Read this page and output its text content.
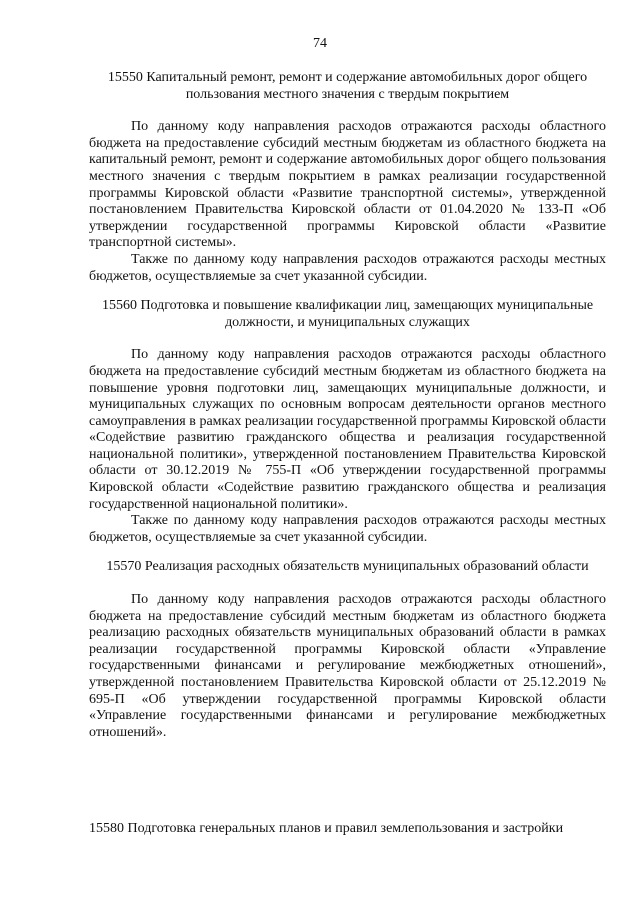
74
15550 Капитальный ремонт, ремонт и содержание автомобильных дорог общего пользования местного значения с твердым покрытием

По данному коду направления расходов отражаются расходы областного бюджета на предоставление субсидий местным бюджетам из областного бюджета на капитальный ремонт, ремонт и содержание автомобильных дорог общего пользования местного значения с твердым покрытием в рамках реализации государственной программы Кировской области «Развитие транспортной системы», утвержденной постановлением Правительства Кировской области от 01.04.2020 № 133-П «Об утверждении государственной программы Кировской области «Развитие транспортной системы».

Также по данному коду направления расходов отражаются расходы местных бюджетов, осуществляемые за счет указанной субсидии.

15560 Подготовка и повышение квалификации лиц, замещающих муниципальные должности, и муниципальных служащих

По данному коду направления расходов отражаются расходы областного бюджета на предоставление субсидий местным бюджетам из областного бюджета на повышение уровня подготовки лиц, замещающих муниципальные должности, и муниципальных служащих по основным вопросам деятельности органов местного самоуправления в рамках реализации государственной программы Кировской области «Содействие развитию гражданского общества и реализация государственной национальной политики», утвержденной постановлением Правительства Кировской области от 30.12.2019 № 755-П «Об утверждении государственной программы Кировской области «Содействие развитию гражданского общества и реализация государственной национальной политики».

Также по данному коду направления расходов отражаются расходы местных бюджетов, осуществляемые за счет указанной субсидии.

15570 Реализация расходных обязательств муниципальных образований области

По данному коду направления расходов отражаются расходы областного бюджета на предоставление субсидий местным бюджетам из областного бюджета реализацию расходных обязательств муниципальных образований области в рамках реализации государственной программы Кировской области «Управление государственными финансами и регулирование межбюджетных отношений», утвержденной постановлением Правительства Кировской области от 25.12.2019 № 695-П «Об утверждении государственной программы Кировской области «Управление государственными финансами и регулирование межбюджетных отношений».

15580 Подготовка генеральных планов и правил землепользования и застройки
